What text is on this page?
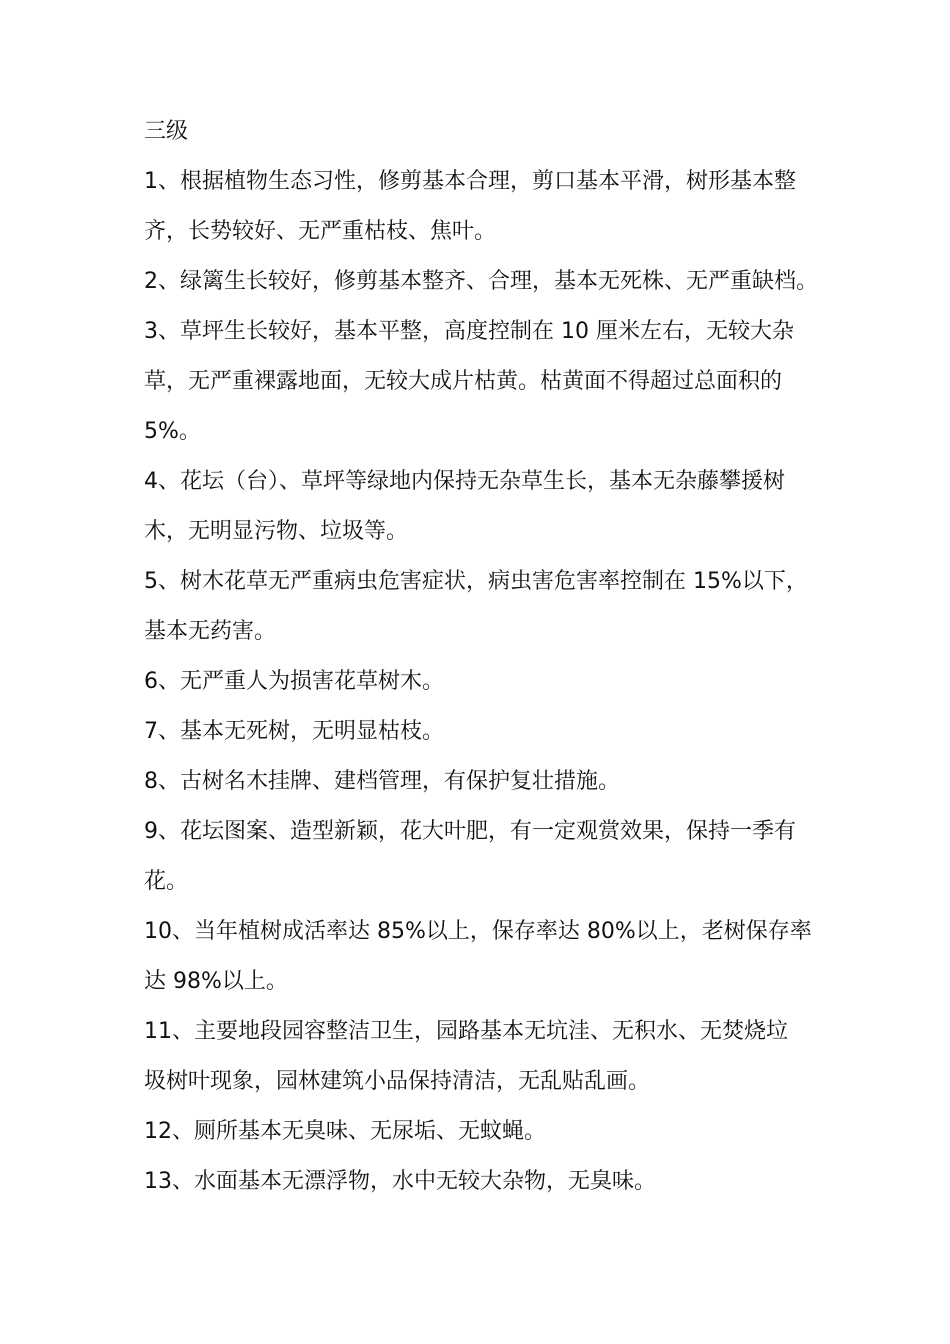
三级

1、根据植物生态习性，修剪基本合理，剪口基本平滑，树形基本整
齐，长势较好、无严重枯枝、焦叶。
2、绿篱生长较好，修剪基本整齐、合理，基本无死株、无严重缺档。
3、草坪生长较好，基本平整，高度控制在 10 厘米左右，无较大杂
草，无严重裸露地面，无较大成片枯黄。枯黄面不得超过总面积的
5%。
4、花坛（台）、草坪等绿地内保持无杂草生长，基本无杂藤攀援树
木，无明显污物、垃圾等。
5、树木花草无严重病虫危害症状，病虫害危害率控制在 15%以下，
基本无药害。
6、无严重人为损害花草树木。
7、基本无死树，无明显枯枝。
8、古树名木挂牌、建档管理，有保护复壮措施。
9、花坛图案、造型新颖，花大叶肥，有一定观赏效果，保持一季有
花。
10、当年植树成活率达 85%以上，保存率达 80%以上，老树保存率
达 98%以上。
11、主要地段园容整洁卫生，园路基本无坑洼、无积水、无焚烧垃
圾树叶现象，园林建筑小品保持清洁，无乱贴乱画。
12、厕所基本无臭味、无尿垢、无蚊蝇。
13、水面基本无漂浮物，水中无较大杂物，无臭味。
